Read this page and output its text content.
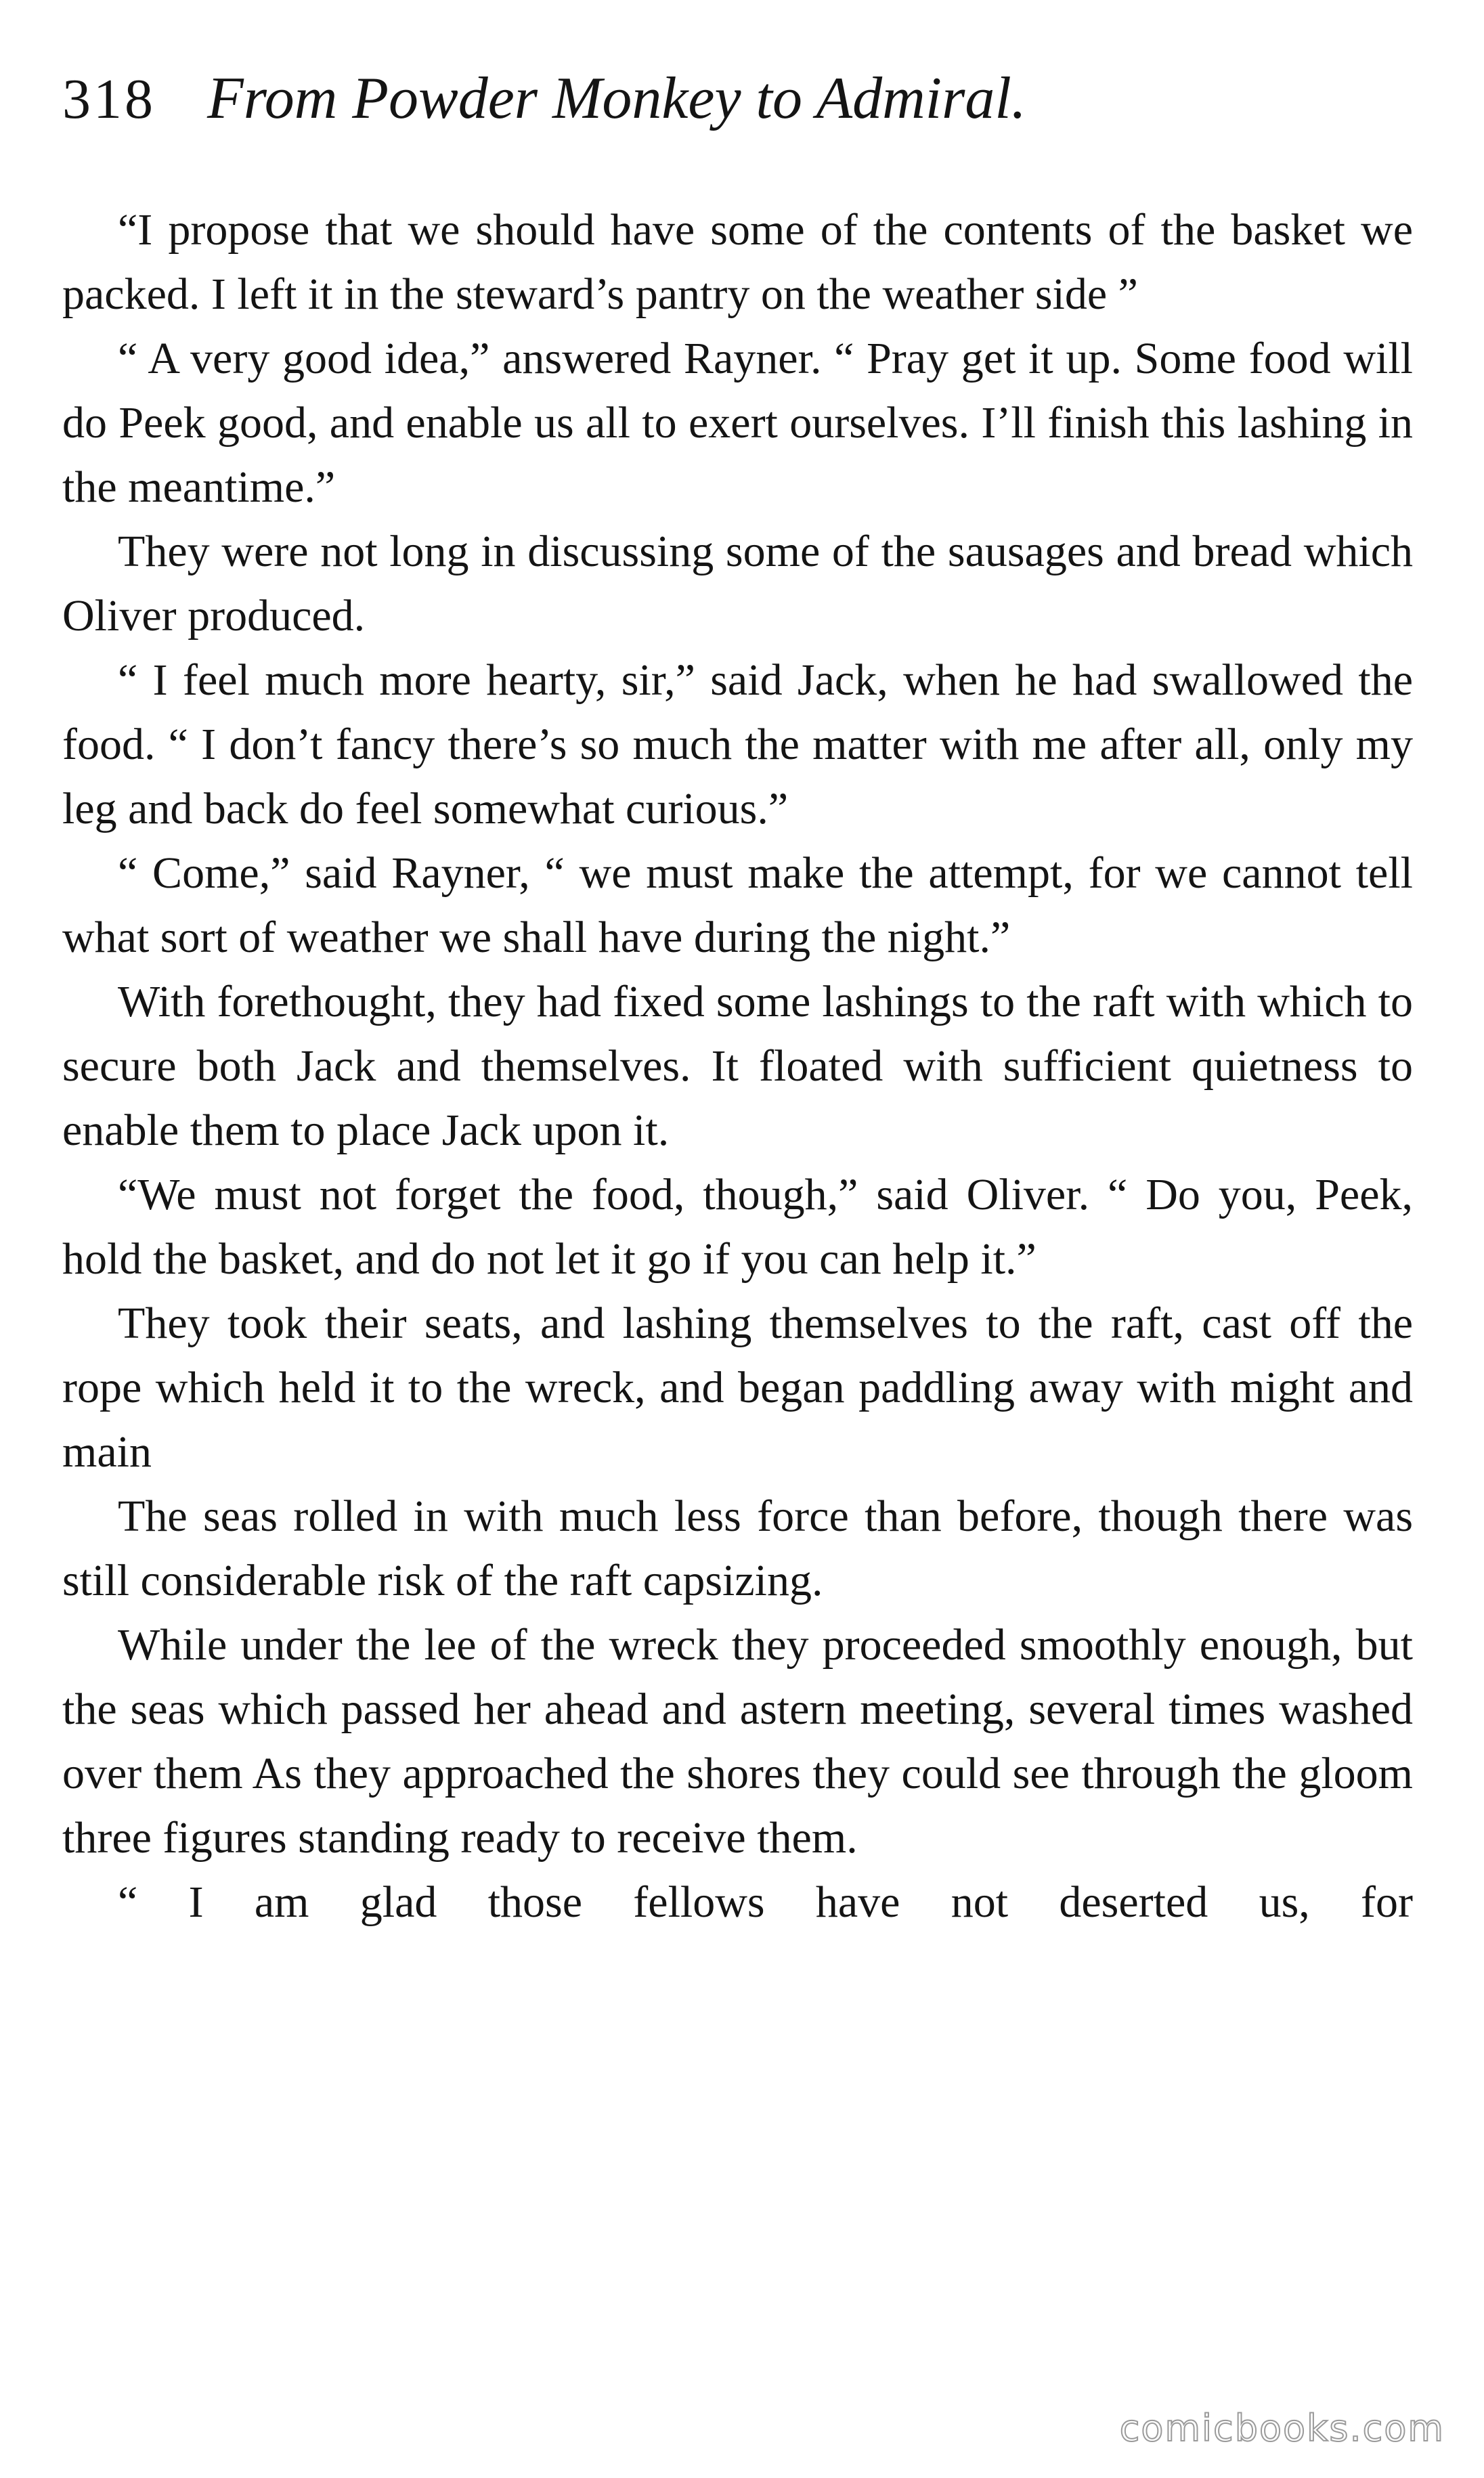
318 From Powder Monkey to Admiral.

“I propose that we should have some of the contents of the basket we packed. I left it in the steward’s pantry on the weather side ”

“ A very good idea,” answered Rayner. “ Pray get it up. Some food will do Peek good, and enable us all to exert ourselves. I’ll finish this lashing in the meantime.”

They were not long in discussing some of the sausages and bread which Oliver produced.

“ I feel much more hearty, sir,” said Jack, when he had swallowed the food. “ I don’t fancy there’s so much the matter with me after all, only my leg and back do feel somewhat curious.”

“ Come,” said Rayner, “ we must make the attempt, for we cannot tell what sort of weather we shall have during the night.”

With forethought, they had fixed some lashings to the raft with which to secure both Jack and themselves. It floated with sufficient quietness to enable them to place Jack upon it.

“We must not forget the food, though,” said Oliver. “ Do you, Peek, hold the basket, and do not let it go if you can help it.”

They took their seats, and lashing themselves to the raft, cast off the rope which held it to the wreck, and began paddling away with might and main

The seas rolled in with much less force than before, though there was still considerable risk of the raft capsizing.

While under the lee of the wreck they proceeded smoothly enough, but the seas which passed her ahead and astern meeting, several times washed over them As they approached the shores they could see through the gloom three figures standing ready to receive them.

“ I am glad those fellows have not deserted us, for

comicbooks.com
